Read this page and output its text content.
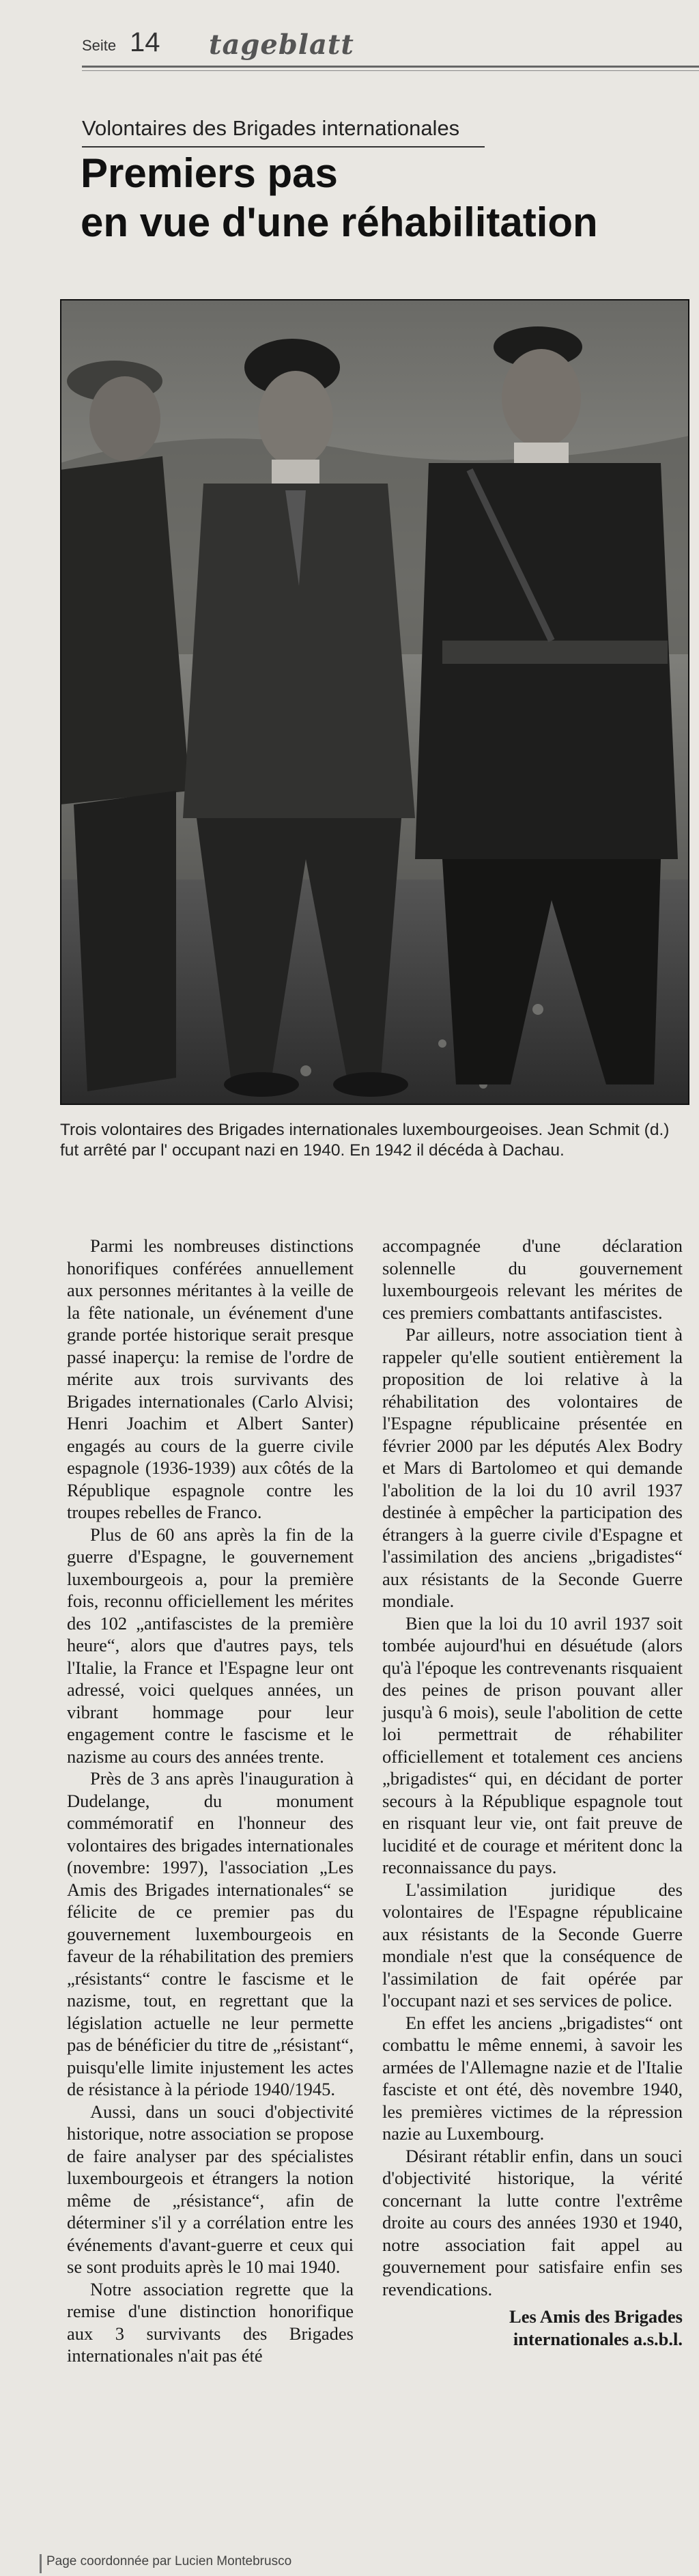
Seite 14 tageblatt
Volontaires des Brigades internationales
Premiers pas
en vue d'une réhabilitation
Trois volontaires des Brigades internationales luxembourgeoises. Jean Schmit (d.) fut arrêté par l' occupant nazi en 1940. En 1942 il décéda à Dachau.

Parmi les nombreuses distinctions honorifiques conférées annuellement aux personnes méritantes à la veille de la fête nationale, un événement d'une grande portée historique serait presque passé inaperçu: la remise de l'ordre de mérite aux trois survivants des Brigades internationales (Carlo Alvisi; Henri Joachim et Albert Santer) engagés au cours de la guerre civile espagnole (1936-1939) aux côtés de la République espagnole contre les troupes rebelles de Franco.

Plus de 60 ans après la fin de la guerre d'Espagne, le gouvernement luxembourgeois a, pour la première fois, reconnu officiellement les mérites des 102 „antifascistes de la première heure“, alors que d'autres pays, tels l'Italie, la France et l'Espagne leur ont adressé, voici quelques années, un vibrant hommage pour leur engagement contre le fascisme et le nazisme au cours des années trente.

Près de 3 ans après l'inauguration à Dudelange, du monument commémoratif en l'honneur des volontaires des brigades internationales (novembre: 1997), l'association „Les Amis des Brigades internationales“ se félicite de ce premier pas du gouvernement luxembourgeois en faveur de la réhabilitation des premiers „résistants“ contre le fascisme et le nazisme, tout, en regrettant que la législation actuelle ne leur permette pas de bénéficier du titre de „résistant“, puisqu'elle limite injustement les actes de résistance à la période 1940/1945.

Aussi, dans un souci d'objectivité historique, notre association se propose de faire analyser par des spécialistes luxembourgeois et étrangers la notion même de „résistance“, afin de déterminer s'il y a corrélation entre les événements d'avant-guerre et ceux qui se sont produits après le 10 mai 1940.

Notre association regrette que la remise d'une distinction honorifique aux 3 survivants des Brigades internationales n'ait pas été

accompagnée d'une déclaration solennelle du gouvernement luxembourgeois relevant les mérites de ces premiers combattants antifascistes.

Par ailleurs, notre association tient à rappeler qu'elle soutient entièrement la proposition de loi relative à la réhabilitation des volontaires de l'Espagne républicaine présentée en février 2000 par les députés Alex Bodry et Mars di Bartolomeo et qui demande l'abolition de la loi du 10 avril 1937 destinée à empêcher la participation des étrangers à la guerre civile d'Espagne et l'assimilation des anciens „brigadistes“ aux résistants de la Seconde Guerre mondiale.

Bien que la loi du 10 avril 1937 soit tombée aujourd'hui en désuétude (alors qu'à l'époque les contrevenants risquaient des peines de prison pouvant aller jusqu'à 6 mois), seule l'abolition de cette loi permettrait de réhabiliter officiellement et totalement ces anciens „brigadistes“ qui, en décidant de porter secours à la République espagnole tout en risquant leur vie, ont fait preuve de lucidité et de courage et méritent donc la reconnaissance du pays.

L'assimilation juridique des volontaires de l'Espagne républicaine aux résistants de la Seconde Guerre mondiale n'est que la conséquence de l'assimilation de fait opérée par l'occupant nazi et ses services de police.

En effet les anciens „brigadistes“ ont combattu le même ennemi, à savoir les armées de l'Allemagne nazie et de l'Italie fasciste et ont été, dès novembre 1940, les premières victimes de la répression nazie au Luxembourg.

Désirant rétablir enfin, dans un souci d'objectivité historique, la vérité concernant la lutte contre l'extrême droite au cours des années 1930 et 1940, notre association fait appel au gouvernement pour satisfaire enfin ses revendications.

Les Amis des Brigades
internationales a.s.b.l.
Page coordonnée par Lucien Montebrusco
